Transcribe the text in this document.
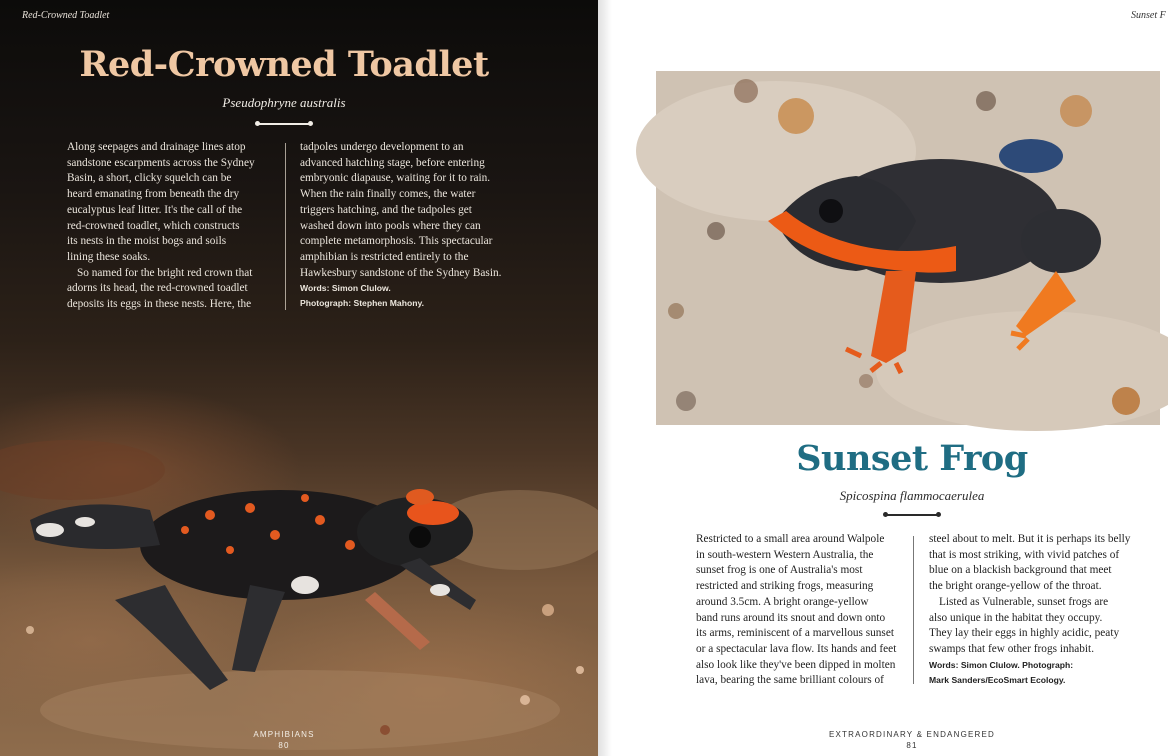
Red-Crowned Toadlet
Red-Crowned Toadlet
Pseudophryne australis

Along seepages and drainage lines atop
sandstone escarpments across the Sydney
Basin, a short, clicky squelch can be
heard emanating from beneath the dry
eucalyptus leaf litter. It's the call of the
red-crowned toadlet, which constructs
its nests in the moist bogs and soils
lining these soaks.

So named for the bright red crown that
adorns its head, the red-crowned toadlet
deposits its eggs in these nests. Here, the

tadpoles undergo development to an
advanced hatching stage, before entering
embryonic diapause, waiting for it to rain.
When the rain finally comes, the water
triggers hatching, and the tadpoles get
washed down into pools where they can
complete metamorphosis. This spectacular
amphibian is restricted entirely to the
Hawkesbury sandstone of the Sydney Basin.

Words: Simon Clulow.
Photograph: Stephen Mahony.
AMPHIBIANS
80
Sunset F
Sunset Frog
Spicospina flammocaerulea

Restricted to a small area around Walpole
in south-western Western Australia, the
sunset frog is one of Australia's most
restricted and striking frogs, measuring
around 3.5cm. A bright orange-yellow
band runs around its snout and down onto
its arms, reminiscent of a marvellous sunset
or a spectacular lava flow. Its hands and feet
also look like they've been dipped in molten
lava, bearing the same brilliant colours of

steel about to melt. But it is perhaps its belly
that is most striking, with vivid patches of
blue on a blackish background that meet
the bright orange-yellow of the throat.

Listed as Vulnerable, sunset frogs are
also unique in the habitat they occupy.
They lay their eggs in highly acidic, peaty
swamps that few other frogs inhabit.

Words: Simon Clulow. Photograph:
Mark Sanders/EcoSmart Ecology.
EXTRAORDINARY & ENDANGERED
81
